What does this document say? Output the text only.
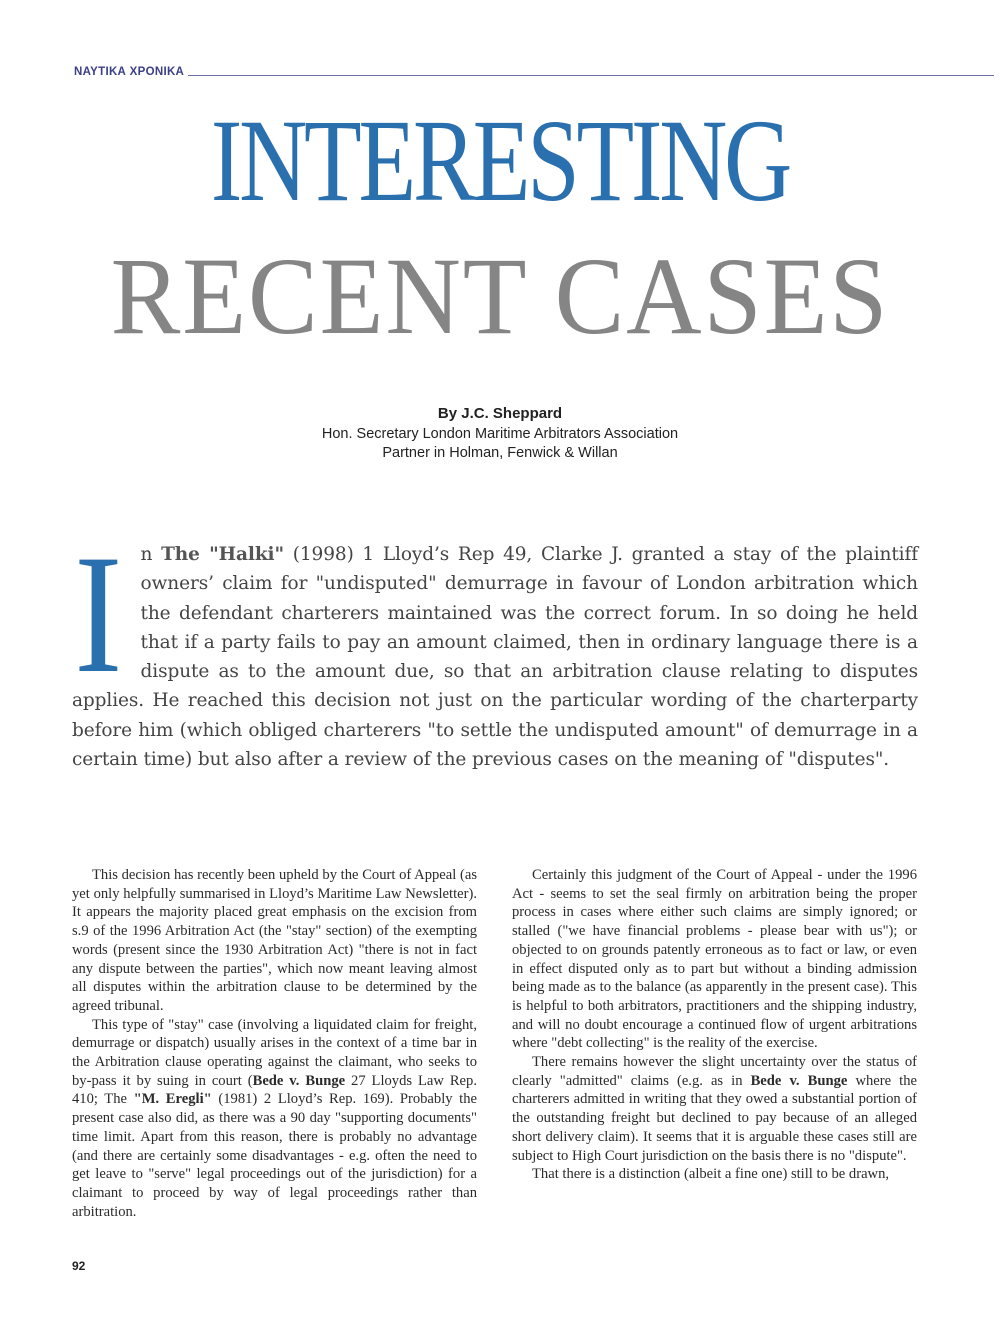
ΝΑΥΤΙΚΑ ΧΡΟΝΙΚΑ
INTERESTING
RECENT CASES
By J.C. Sheppard
Hon. Secretary London Maritime Arbitrators Association
Partner in Holman, Fenwick & Willan
In The "Halki" (1998) 1 Lloyd’s Rep 49, Clarke J. granted a stay of the plaintiff owners’ claim for "undisputed" demurrage in favour of London arbitration which the defendant charterers maintained was the correct forum. In so doing he held that if a party fails to pay an amount claimed, then in ordinary language there is a dispute as to the amount due, so that an arbitration clause relating to disputes applies. He reached this decision not just on the particular wording of the charterparty before him (which obliged charterers "to settle the undisputed amount" of demurrage in a certain time) but also after a review of the previous cases on the meaning of "disputes".

This decision has recently been upheld by the Court of Appeal (as yet only helpfully summarised in Lloyd’s Maritime Law Newsletter). It appears the majority placed great emphasis on the excision from s.9 of the 1996 Arbitration Act (the "stay" section) of the exempting words (present since the 1930 Arbitration Act) "there is not in fact any dispute between the parties", which now meant leaving almost all disputes within the arbitration clause to be determined by the agreed tribunal.

This type of "stay" case (involving a liquidated claim for freight, demurrage or dispatch) usually arises in the context of a time bar in the Arbitration clause operating against the claimant, who seeks to by-pass it by suing in court (Bede v. Bunge 27 Lloyds Law Rep. 410; The "M. Eregli" (1981) 2 Lloyd’s Rep. 169). Probably the present case also did, as there was a 90 day "supporting documents" time limit. Apart from this reason, there is probably no advantage (and there are certainly some disadvantages - e.g. often the need to get leave to "serve" legal proceedings out of the jurisdiction) for a claimant to proceed by way of legal proceedings rather than arbitration.

Certainly this judgment of the Court of Appeal - under the 1996 Act - seems to set the seal firmly on arbitration being the proper process in cases where either such claims are simply ignored; or stalled ("we have financial problems - please bear with us"); or objected to on grounds patently erroneous as to fact or law, or even in effect disputed only as to part but without a binding admission being made as to the balance (as apparently in the present case). This is helpful to both arbitrators, practitioners and the shipping industry, and will no doubt encourage a continued flow of urgent arbitrations where "debt collecting" is the reality of the exercise.

There remains however the slight uncertainty over the status of clearly "admitted" claims (e.g. as in Bede v. Bunge where the charterers admitted in writing that they owed a substantial portion of the outstanding freight but declined to pay because of an alleged short delivery claim). It seems that it is arguable these cases still are subject to High Court jurisdiction on the basis there is no "dispute".

That there is a distinction (albeit a fine one) still to be drawn,

92
